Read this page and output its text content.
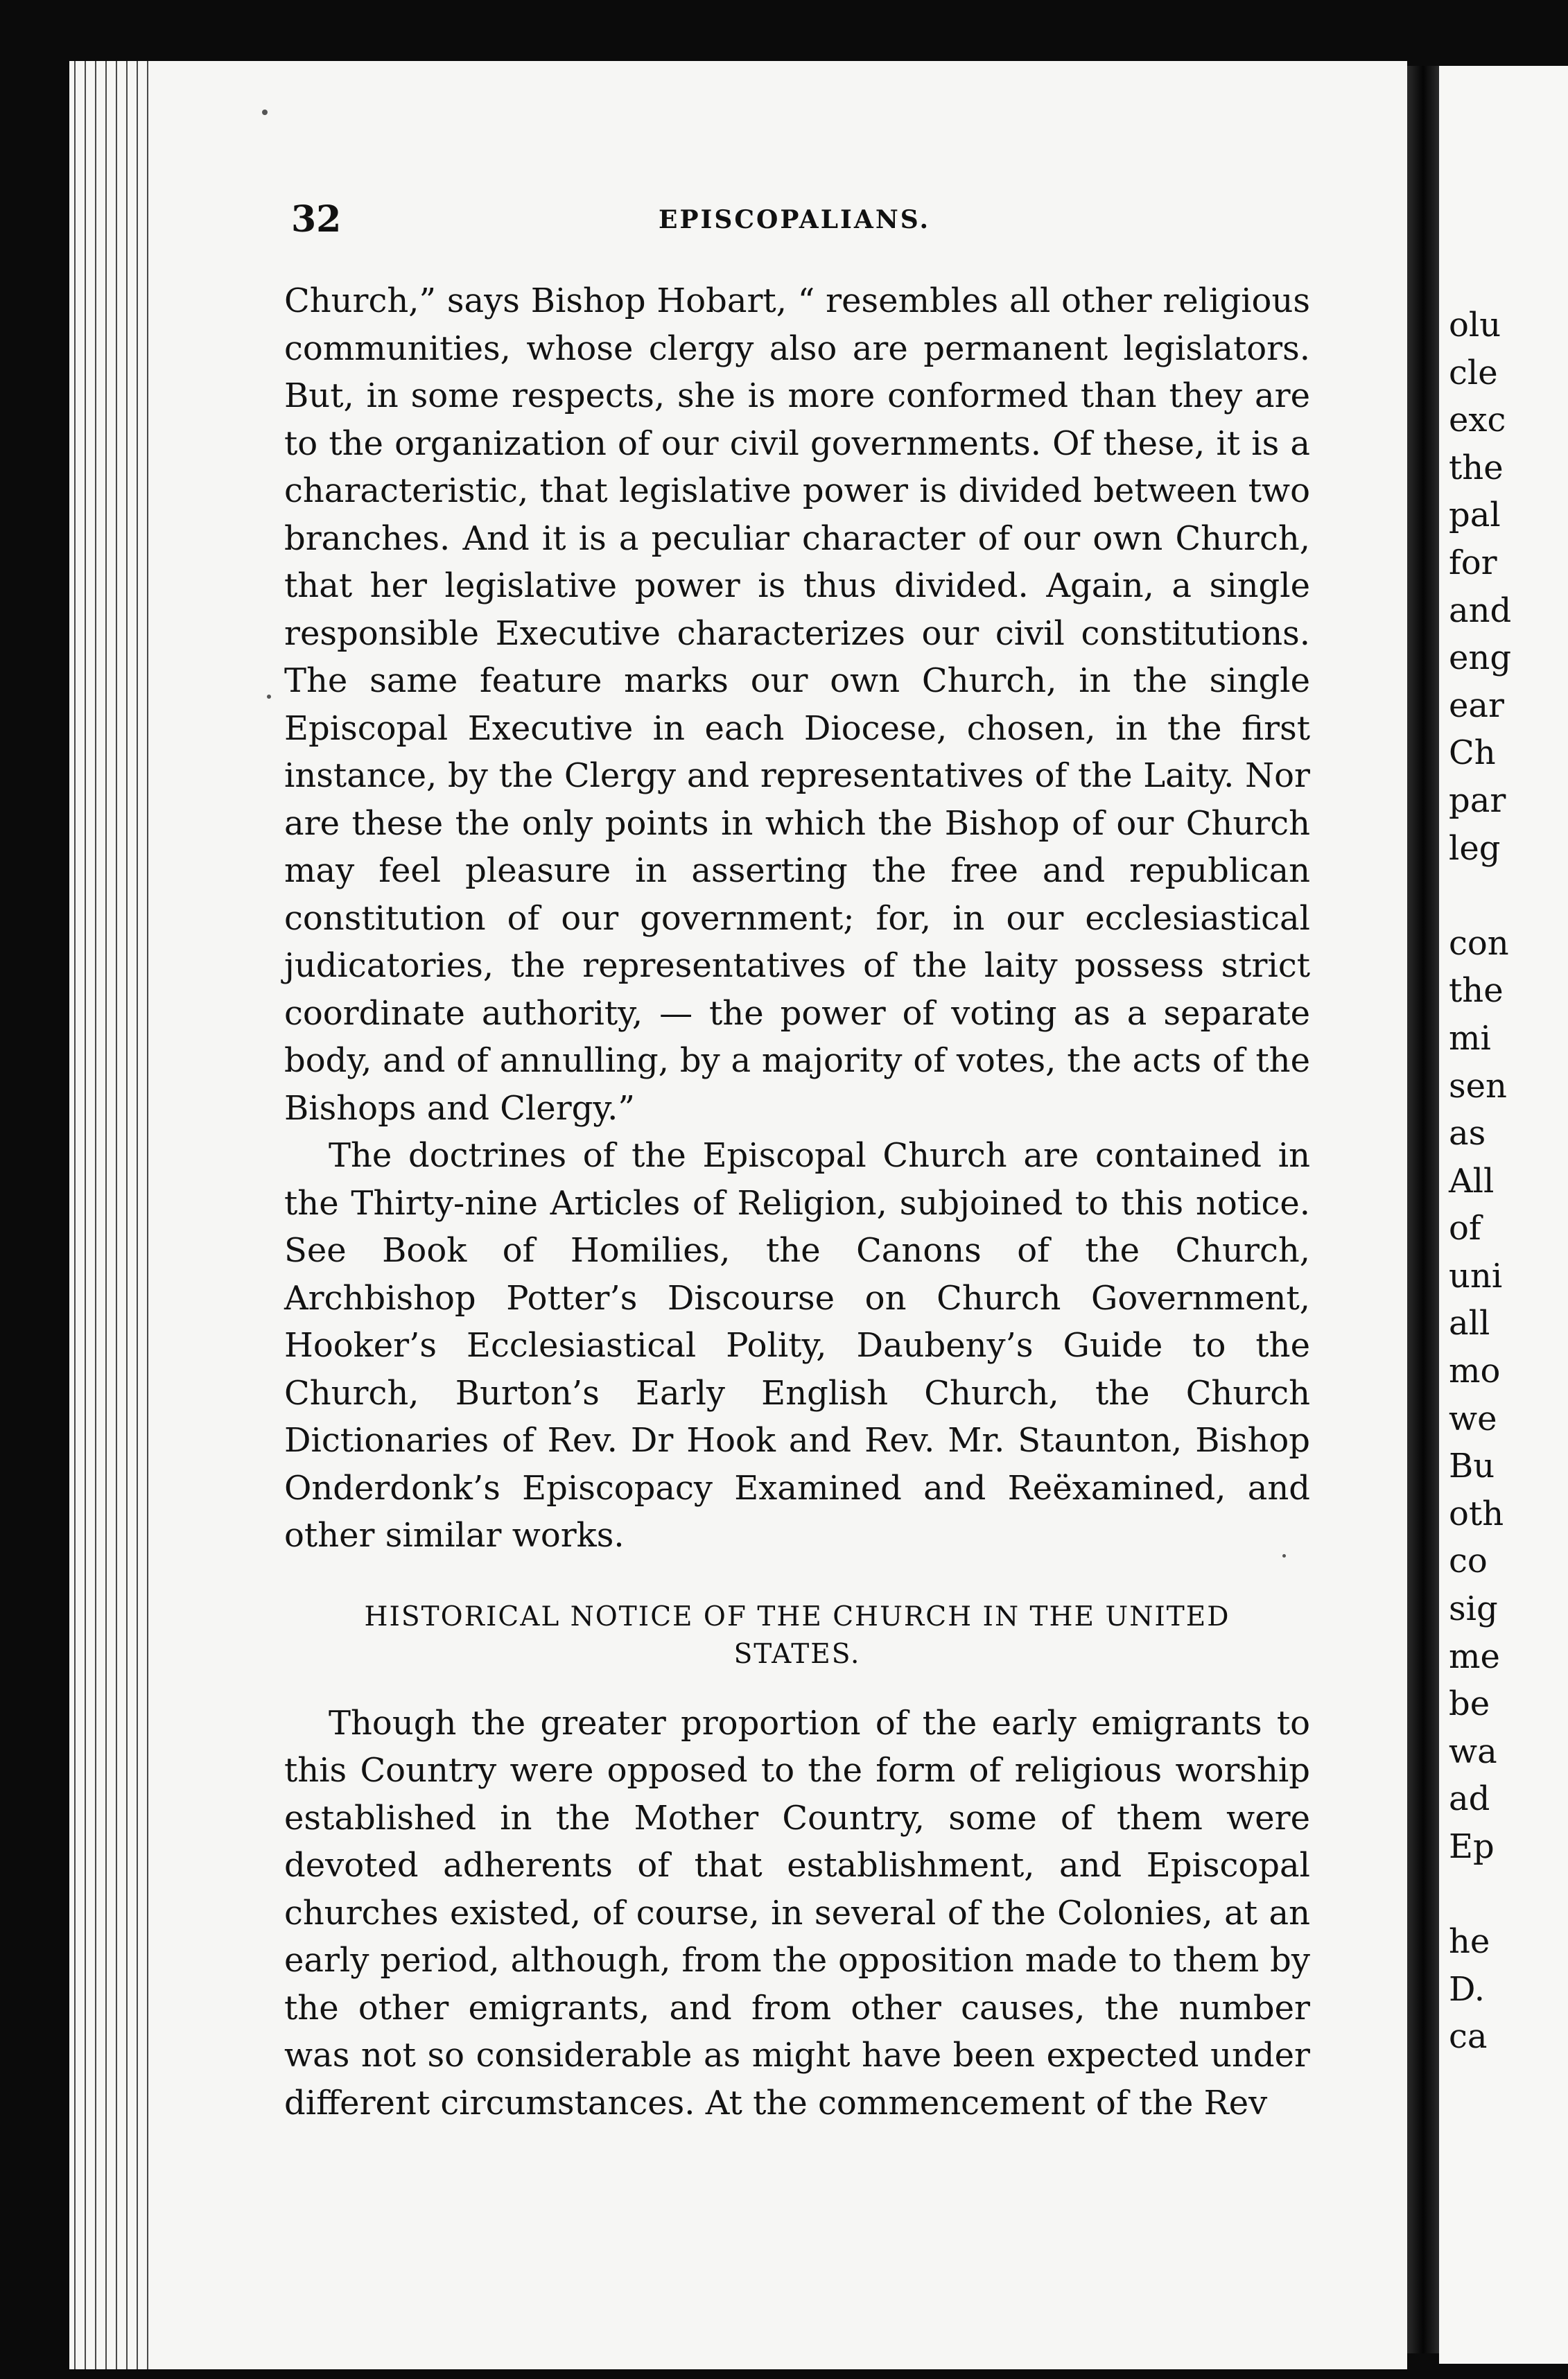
32	EPISCOPALIANS.

Church,” says Bishop Hobart, “ resembles all other religious communities, whose clergy also are permanent legislators. But, in some respects, she is more conformed than they are to the organization of our civil governments. Of these, it is a characteristic, that legislative power is divided between two branches. And it is a peculiar character of our own Church, that her legislative power is thus divided. Again, a single responsible Executive characterizes our civil constitutions. The same feature marks our own Church, in the single Episcopal Executive in each Diocese, chosen, in the first instance, by the Clergy and representatives of the Laity. Nor are these the only points in which the Bishop of our Church may feel pleasure in asserting the free and republican constitution of our government; for, in our ecclesiastical judicatories, the representatives of the laity possess strict coordinate authority, — the power of voting as a separate body, and of annulling, by a majority of votes, the acts of the Bishops and Clergy.”

The doctrines of the Episcopal Church are contained in the Thirty-nine Articles of Religion, subjoined to this notice. See Book of Homilies, the Canons of the Church, Archbishop Potter’s Discourse on Church Government, Hooker’s Ecclesiastical Polity, Daubeny’s Guide to the Church, Burton’s Early English Church, the Church Dictionaries of Rev. Dr Hook and Rev. Mr. Staunton, Bishop Onderdonk’s Episcopacy Examined and Reëxamined, and other similar works.

HISTORICAL NOTICE OF THE CHURCH IN THE UNITED STATES.

Though the greater proportion of the early emigrants to this Country were opposed to the form of religious worship established in the Mother Country, some of them were devoted adherents of that establishment, and Episcopal churches existed, of course, in several of the Colonies, at an early period, although, from the opposition made to them by the other emigrants, and from other causes, the number was not so considerable as might have been expected under different circumstances. At the commencement of the Rev

olu
cle
exc
the
pal
for
and
eng
ear
Ch
par
leg
con
the
mi
sen
as
All
of
uni
all
mo
we
Bu
oth
co
sig
me
be
wa
ad
Ep
he
D.
ca
